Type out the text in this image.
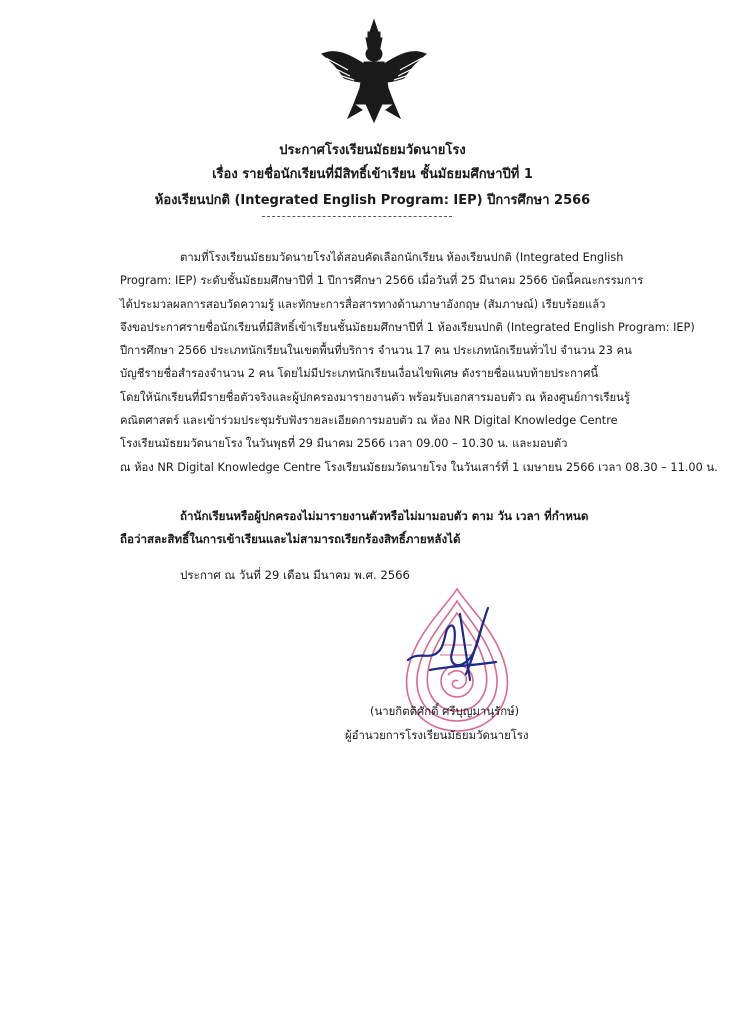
ประกาศโรงเรียนมัธยมวัดนายโรง
เรื่อง รายชื่อนักเรียนที่มีสิทธิ์เข้าเรียน ชั้นมัธยมศึกษาปีที่ 1
ห้องเรียนปกติ (Integrated English Program: IEP) ปีการศึกษา 2566
ตามที่โรงเรียนมัธยมวัดนายโรงได้สอบคัดเลือกนักเรียน ห้องเรียนปกติ (Integrated English
Program: IEP) ระดับชั้นมัธยมศึกษาปีที่ 1 ปีการศึกษา 2566 เมื่อวันที่ 25 มีนาคม 2566 บัดนี้คณะกรรมการ
ได้ประมวลผลการสอบวัดความรู้ และทักษะการสื่อสารทางด้านภาษาอังกฤษ (สัมภาษณ์) เรียบร้อยแล้ว
จึงขอประกาศรายชื่อนักเรียนที่มีสิทธิ์เข้าเรียนชั้นมัธยมศึกษาปีที่ 1 ห้องเรียนปกติ (Integrated English Program: IEP)
ปีการศึกษา 2566 ประเภทนักเรียนในเขตพื้นที่บริการ จำนวน 17 คน ประเภทนักเรียนทั่วไป จำนวน 23 คน
บัญชีรายชื่อสำรองจำนวน 2 คน โดยไม่มีประเภทนักเรียนเงื่อนไขพิเศษ ดังรายชื่อแนบท้ายประกาศนี้
โดยให้นักเรียนที่มีรายชื่อตัวจริงและผู้ปกครองมารายงานตัว พร้อมรับเอกสารมอบตัว ณ ห้องศูนย์การเรียนรู้
คณิตศาสตร์ และเข้าร่วมประชุมรับฟังรายละเอียดการมอบตัว ณ ห้อง NR Digital Knowledge Centre
โรงเรียนมัธยมวัดนายโรง ในวันพุธที่ 29 มีนาคม 2566 เวลา 09.00 – 10.30 น. และมอบตัว
ณ ห้อง NR Digital Knowledge Centre โรงเรียนมัธยมวัดนายโรง ในวันเสาร์ที่ 1 เมษายน 2566 เวลา 08.30 – 11.00 น.
ถ้านักเรียนหรือผู้ปกครองไม่มารายงานตัวหรือไม่มามอบตัว ตาม วัน เวลา ที่กำหนด
ถือว่าสละสิทธิ์ในการเข้าเรียนและไม่สามารถเรียกร้องสิทธิ์ภายหลังได้
ประกาศ ณ วันที่ 29 เดือน มีนาคม พ.ศ. 2566
(นายกิตติศักดิ์ ศรีบุญมานุรักษ์)
ผู้อำนวยการโรงเรียนมัธยมวัดนายโรง
